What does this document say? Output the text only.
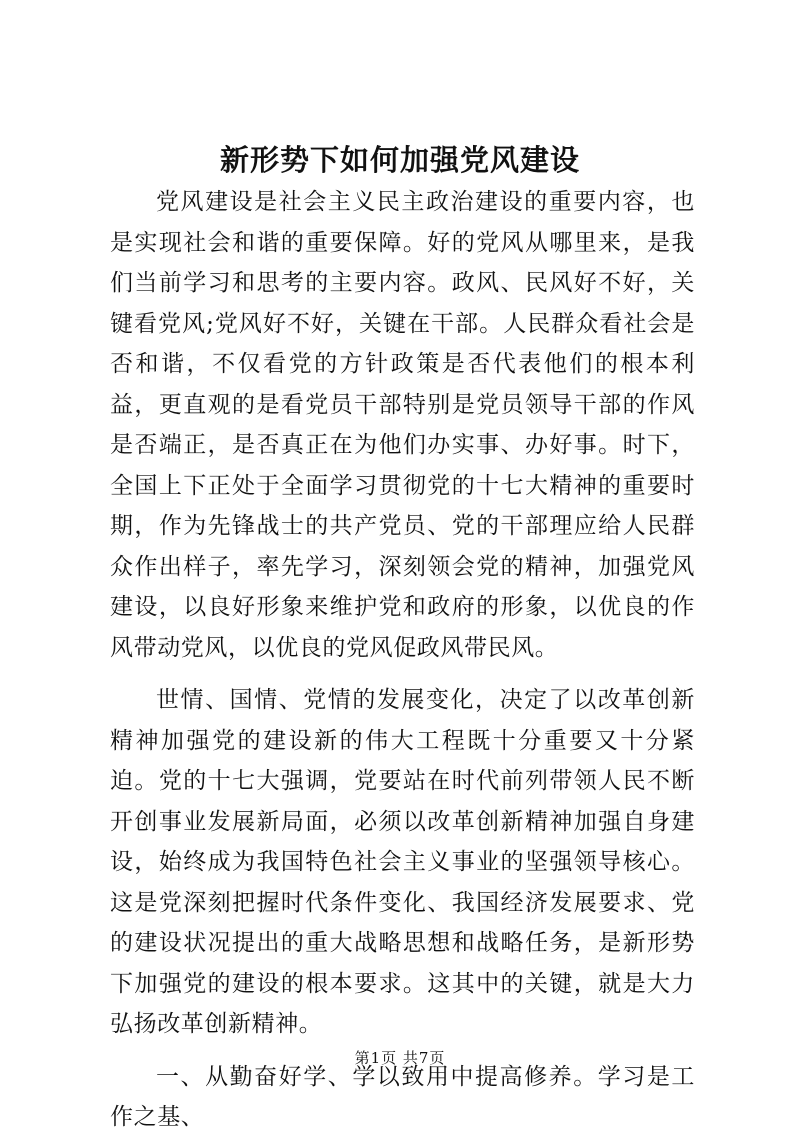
新形势下如何加强党风建设

党风建设是社会主义民主政治建设的重要内容，也是实现社会和谐的重要保障。好的党风从哪里来，是我们当前学习和思考的主要内容。政风、民风好不好，关键看党风;党风好不好，关键在干部。人民群众看社会是否和谐，不仅看党的方针政策是否代表他们的根本利益，更直观的是看党员干部特别是党员领导干部的作风是否端正，是否真正在为他们办实事、办好事。时下，全国上下正处于全面学习贯彻党的十七大精神的重要时期，作为先锋战士的共产党员、党的干部理应给人民群众作出样子，率先学习，深刻领会党的精神，加强党风建设，以良好形象来维护党和政府的形象，以优良的作风带动党风，以优良的党风促政风带民风。

世情、国情、党情的发展变化，决定了以改革创新精神加强党的建设新的伟大工程既十分重要又十分紧迫。党的十七大强调，党要站在时代前列带领人民不断开创事业发展新局面，必须以改革创新精神加强自身建设，始终成为我国特色社会主义事业的坚强领导核心。这是党深刻把握时代条件变化、我国经济发展要求、党的建设状况提出的重大战略思想和战略任务，是新形势下加强党的建设的根本要求。这其中的关键，就是大力弘扬改革创新精神。

一、从勤奋好学、学以致用中提高修养。学习是工作之基、

第1页 共7页
